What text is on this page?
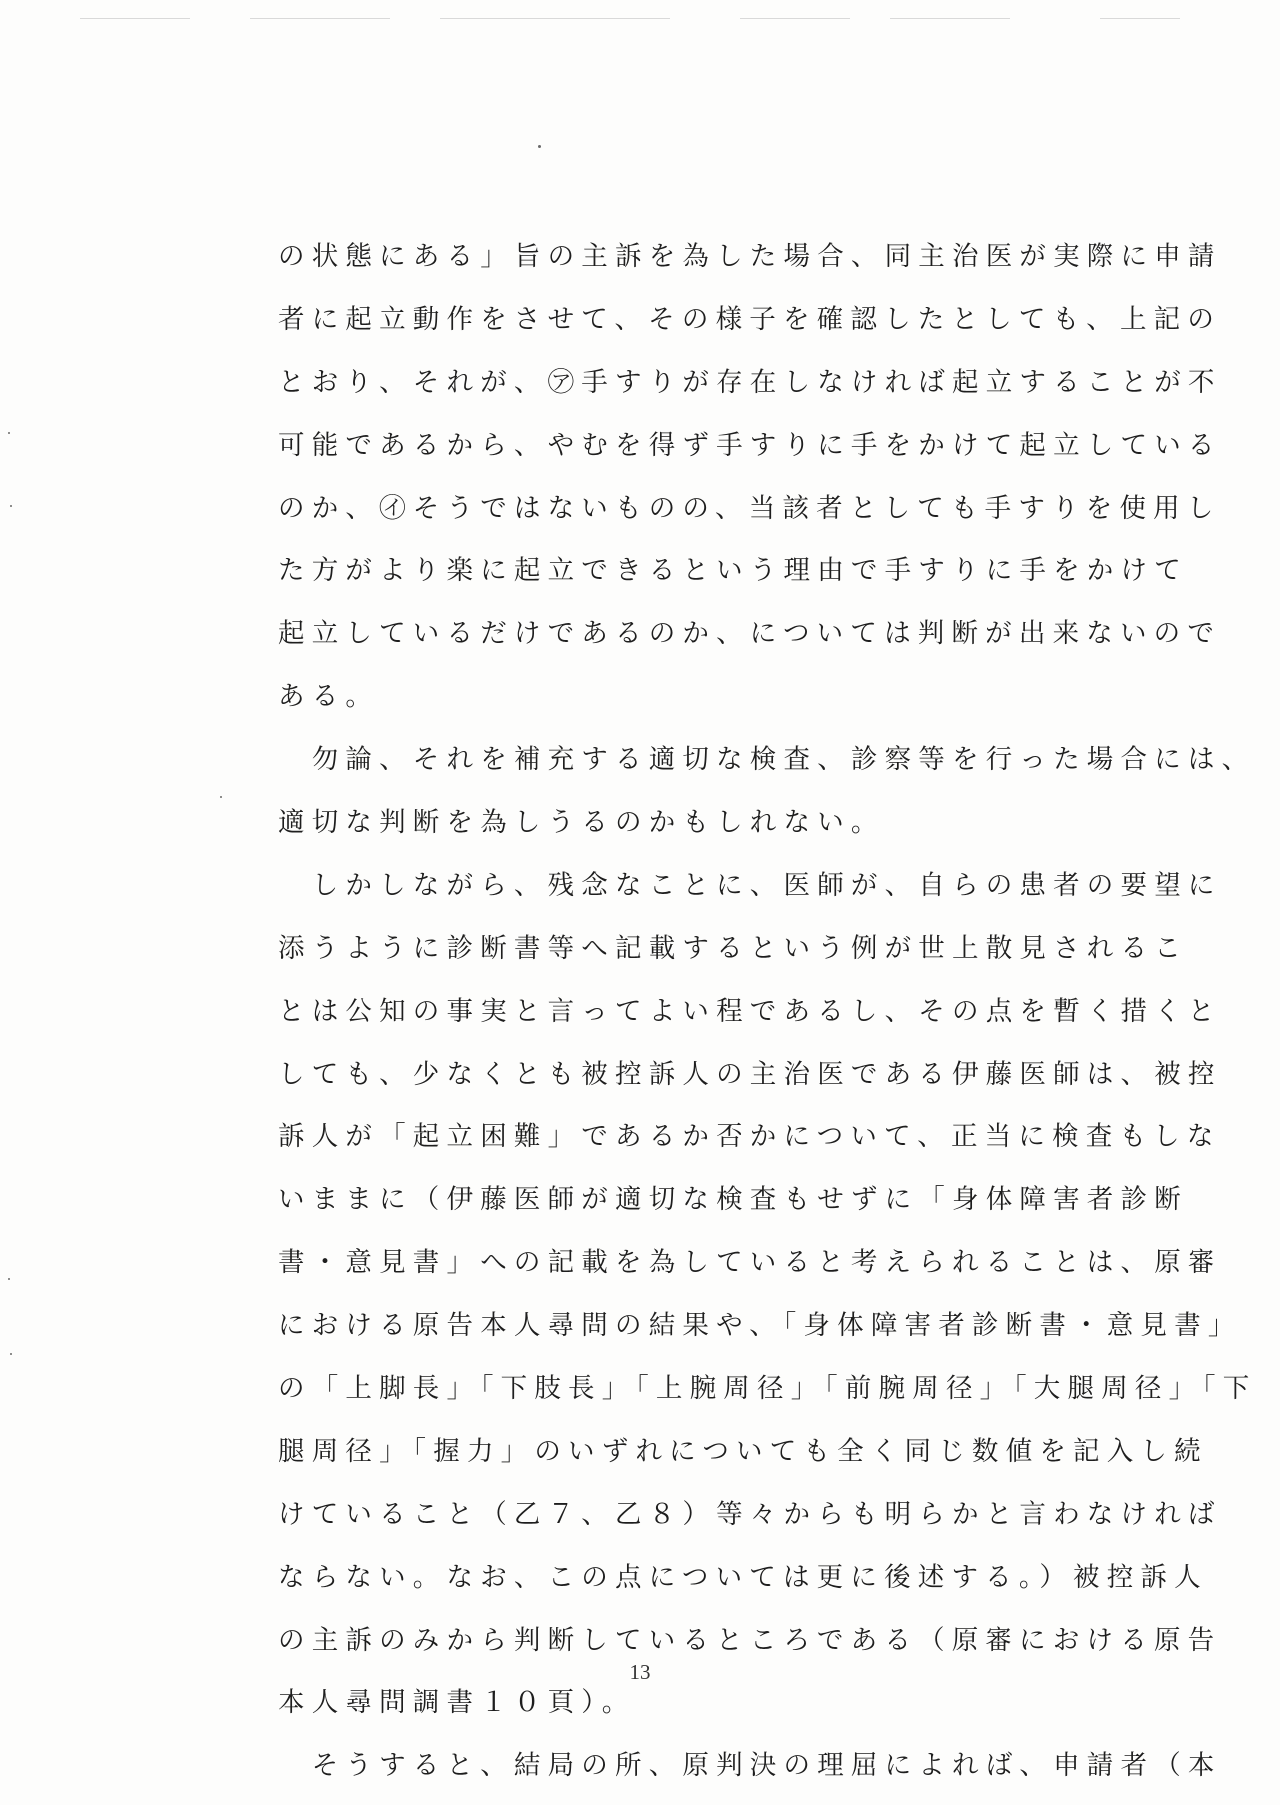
の状態にある」旨の主訴を為した場合、同主治医が実際に申請
者に起立動作をさせて、その様子を確認したとしても、上記の
とおり、それが、㋐手すりが存在しなければ起立することが不
可能であるから、やむを得ず手すりに手をかけて起立している
のか、㋑そうではないものの、当該者としても手すりを使用し
た方がより楽に起立できるという理由で手すりに手をかけて
起立しているだけであるのか、については判断が出来ないので
ある。
　勿論、それを補充する適切な検査、診察等を行った場合には、
適切な判断を為しうるのかもしれない。
　しかしながら、残念なことに、医師が、自らの患者の要望に
添うように診断書等へ記載するという例が世上散見されるこ
とは公知の事実と言ってよい程であるし、その点を暫く措くと
しても、少なくとも被控訴人の主治医である伊藤医師は、被控
訴人が「起立困難」であるか否かについて、正当に検査もしな
いままに（伊藤医師が適切な検査もせずに「身体障害者診断
書・意見書」への記載を為していると考えられることは、原審
における原告本人尋問の結果や、「身体障害者診断書・意見書」
の「上脚長」「下肢長」「上腕周径」「前腕周径」「大腿周径」「下
腿周径」「握力」のいずれについても全く同じ数値を記入し続
けていること（乙７、乙８）等々からも明らかと言わなければ
ならない。なお、この点については更に後述する。）被控訴人
の主訴のみから判断しているところである（原審における原告
本人尋問調書１０頁）。
　そうすると、結局の所、原判決の理屈によれば、申請者（本
13
